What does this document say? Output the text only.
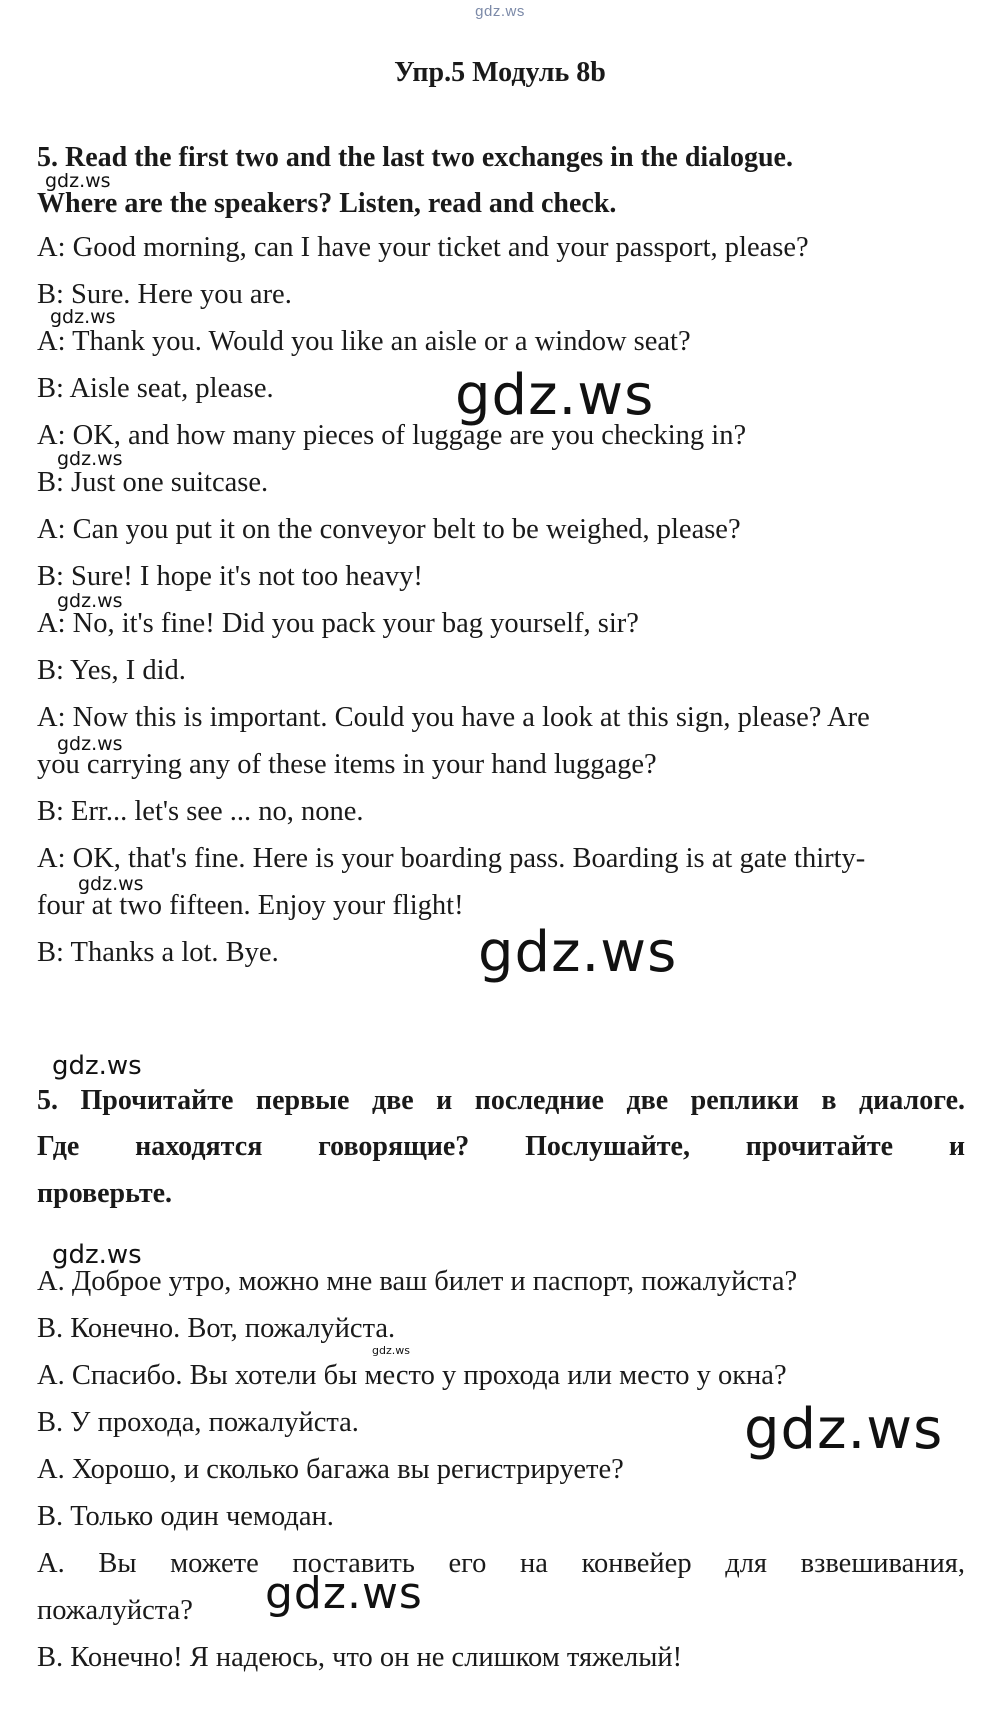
gdz.ws
Упр.5 Модуль 8b
5. Read the first two and the last two exchanges in the dialogue.
Where are the speakers? Listen, read and check.
A: Good morning, can I have your ticket and your passport, please?
B: Sure. Here you are.
A: Thank you. Would you like an aisle or a window seat?
B: Aisle seat, please.
A: OK, and how many pieces of luggage are you checking in?
B: Just one suitcase.
A: Can you put it on the conveyor belt to be weighed, please?
B: Sure! I hope it's not too heavy!
A: No, it's fine! Did you pack your bag yourself, sir?
B: Yes, I did.
A: Now this is important. Could you have a look at this sign, please? Are
you carrying any of these items in your hand luggage?
B: Err... let's see ... no, none.
A: OK, that's fine. Here is your boarding pass. Boarding is at gate thirty-
four at two fifteen. Enjoy your flight!
B: Thanks a lot. Bye.
5. Прочитайте первые две и последние две реплики в диалоге.
Где находятся говорящие? Послушайте, прочитайте и
проверьте.
А. Доброе утро, можно мне ваш билет и паспорт, пожалуйста?
В. Конечно. Вот, пожалуйста.
А. Спасибо. Вы хотели бы место у прохода или место у окна?
В. У прохода, пожалуйста.
А. Хорошо, и сколько багажа вы регистрируете?
В. Только один чемодан.
А. Вы можете поставить его на конвейер для взвешивания,
пожалуйста?
В. Конечно! Я надеюсь, что он не слишком тяжелый!
gdz.ws
gdz.ws
gdz.ws
gdz.ws
gdz.ws
gdz.ws
gdz.ws
gdz.ws
gdz.ws
gdz.ws
gdz.ws
gdz.ws
gdz.ws
